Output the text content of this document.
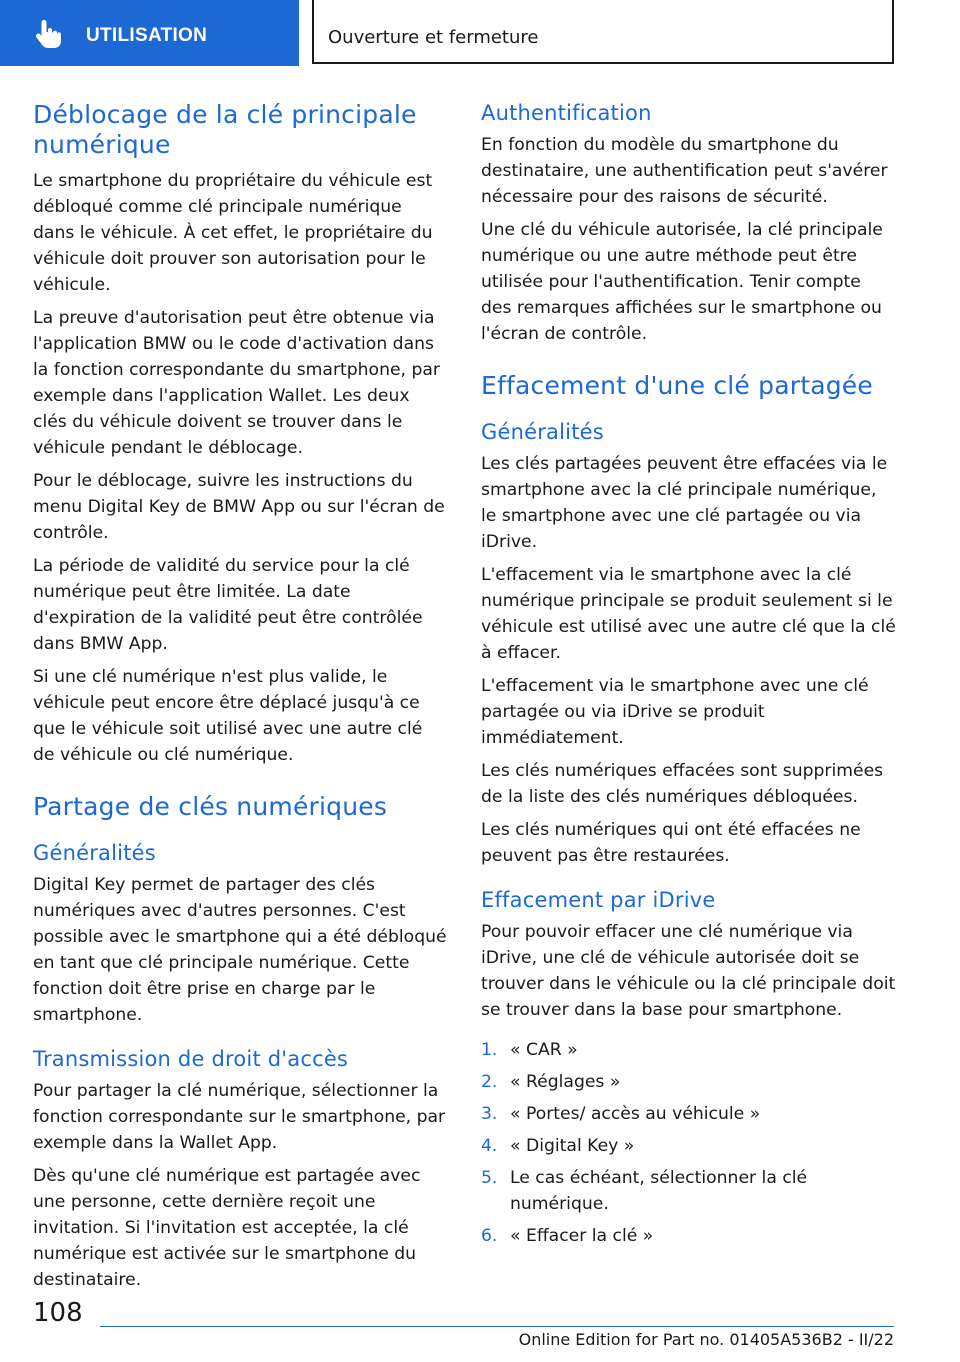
UTILISATION	Ouverture et fermeture
Déblocage de la clé principale numérique

Le smartphone du propriétaire du véhicule est débloqué comme clé principale numérique dans le véhicule. À cet effet, le propriétaire du véhicule doit prouver son autorisation pour le véhicule.

La preuve d'autorisation peut être obtenue via l'application BMW ou le code d'activation dans la fonction correspondante du smartphone, par exemple dans l'application Wallet. Les deux clés du véhicule doivent se trouver dans le véhicule pendant le déblocage.

Pour le déblocage, suivre les instructions du menu Digital Key de BMW App ou sur l'écran de contrôle.

La période de validité du service pour la clé numérique peut être limitée. La date d'expiration de la validité peut être contrôlée dans BMW App.

Si une clé numérique n'est plus valide, le véhicule peut encore être déplacé jusqu'à ce que le véhicule soit utilisé avec une autre clé de véhicule ou clé numérique.

Partage de clés numériques
Généralités

Digital Key permet de partager des clés numériques avec d'autres personnes. C'est possible avec le smartphone qui a été débloqué en tant que clé principale numérique. Cette fonction doit être prise en charge par le smartphone.

Transmission de droit d'accès

Pour partager la clé numérique, sélectionner la fonction correspondante sur le smartphone, par exemple dans la Wallet App.

Dès qu'une clé numérique est partagée avec une personne, cette dernière reçoit une invitation. Si l'invitation est acceptée, la clé numérique est activée sur le smartphone du destinataire.

Authentification

En fonction du modèle du smartphone du destinataire, une authentification peut s'avérer nécessaire pour des raisons de sécurité.

Une clé du véhicule autorisée, la clé principale numérique ou une autre méthode peut être utilisée pour l'authentification. Tenir compte des remarques affichées sur le smartphone ou l'écran de contrôle.

Effacement d'une clé partagée
Généralités

Les clés partagées peuvent être effacées via le smartphone avec la clé principale numérique, le smartphone avec une clé partagée ou via iDrive.

L'effacement via le smartphone avec la clé numérique principale se produit seulement si le véhicule est utilisé avec une autre clé que la clé à effacer.

L'effacement via le smartphone avec une clé partagée ou via iDrive se produit immédiatement.

Les clés numériques effacées sont supprimées de la liste des clés numériques débloquées.

Les clés numériques qui ont été effacées ne peuvent pas être restaurées.

Effacement par iDrive

Pour pouvoir effacer une clé numérique via iDrive, une clé de véhicule autorisée doit se trouver dans le véhicule ou la clé principale doit se trouver dans la base pour smartphone.

1. « CAR »
2. « Réglages »
3. « Portes/ accès au véhicule »
4. « Digital Key »
5. Le cas échéant, sélectionner la clé numérique.
6. « Effacer la clé »
108
Online Edition for Part no. 01405A536B2 - II/22
